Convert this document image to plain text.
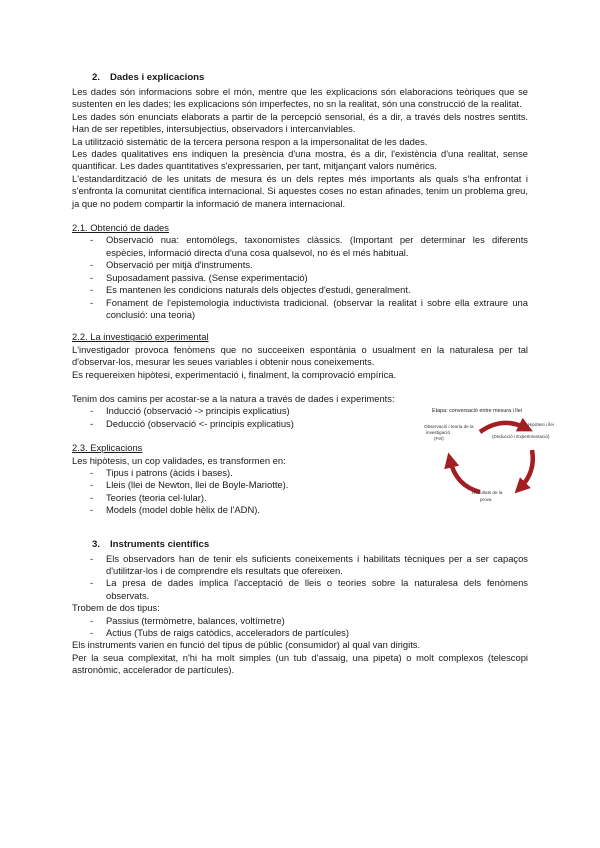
2. Dades i explicacions

Les dades són informacions sobre el món, mentre que les explicacions són elaboracions teòriques que se sustenten en les dades; les explicacions són imperfectes, no sn la realitat, són una construcció de la realitat.

Les dades són enunciats elaborats a partir de la percepció sensorial, és a dir, a través dels nostres sentits. Han de ser repetibles, intersubjectius, observadors i intercanviables.

La utilització sistemàtic de la tercera persona respon a la impersonalitat de les dades.

Les dades qualitatives ens indiquen la presència d'una mostra, és a dir, l'existència d'una realitat, sense quantificar. Les dades quantitatives s'expressarien, per tant, mitjançant valors numèrics.

L'estandardització de les unitats de mesura és un dels reptes més importants als quals s'ha enfrontat i s'enfronta la comunitat científica internacional. Si aquestes coses no estan afinades, tenim un problema greu, ja que no podem compartir la informació de manera internacional.

2.1. Obtenció de dades

- Observació nua: entomòlegs, taxonomistes clàssics. (Important per determinar les diferents espècies, informació directa d'una cosa qualsevol, no és el més habitual.
- Observació per mitjà d'instruments.
- Suposadament passiva. (Sense experimentació)
- Es mantenen les condicions naturals dels objectes d'estudi, generalment.
- Fonament de l'epistemologia inductivista tradicional. (observar la realitat i sobre ella extraure una conclusió: una teoria)

2.2. La investigació experimental

L'investigador provoca fenòmens que no succeeixen espontània o usualment en la naturalesa per tal d'observar-los, mesurar les seues variables i obtenir nous coneixements.

Es requereixen hipòtesi, experimentació i, finalment, la comprovació empírica.

Tenim dos camins per acostar-se a la natura a través de dades i experiments:

- Inducció (observació -> principis explicatius)
- Deducció (observació <- principis explicatius)

2.3. Explicacions

Les hipòtesis, un cop validades, es transformen en:

- Tipus i patrons (àcids i bases).
- Lleis (llei de Newton, llei de Boyle-Mariotte).
- Teories (teoria cel·lular).
- Models (model doble hèlix de l'ADN).
3. Instruments científics
- Els observadors han de tenir els suficients coneixements i habilitats tècniques per a ser capaços d'utilitzar-los i de comprendre els resultats que ofereixen.
- La presa de dades implica l'acceptació de lleis o teories sobre la naturalesa dels fenòmens observats.

Trobem de dos tipus:

- Passius (termòmetre, balances, voltímetre)
- Actius (Tubs de raigs catòdics, acceleradors de partícules)

Els instruments varien en funció del tipus de públic (consumidor) al qual van dirigits.

Per la seua complexitat, n'hi ha molt simples (un tub d'assaig, una pipeta) o molt complexos (telescopi astronòmic, accelerador de partícules).

Etapa: conversació entre mesura i llei
Observació i teoria de la
investigació
(Fet)
Hipòtesi i llei
(Deducció i Experimentació)
Resultats de la
prova
